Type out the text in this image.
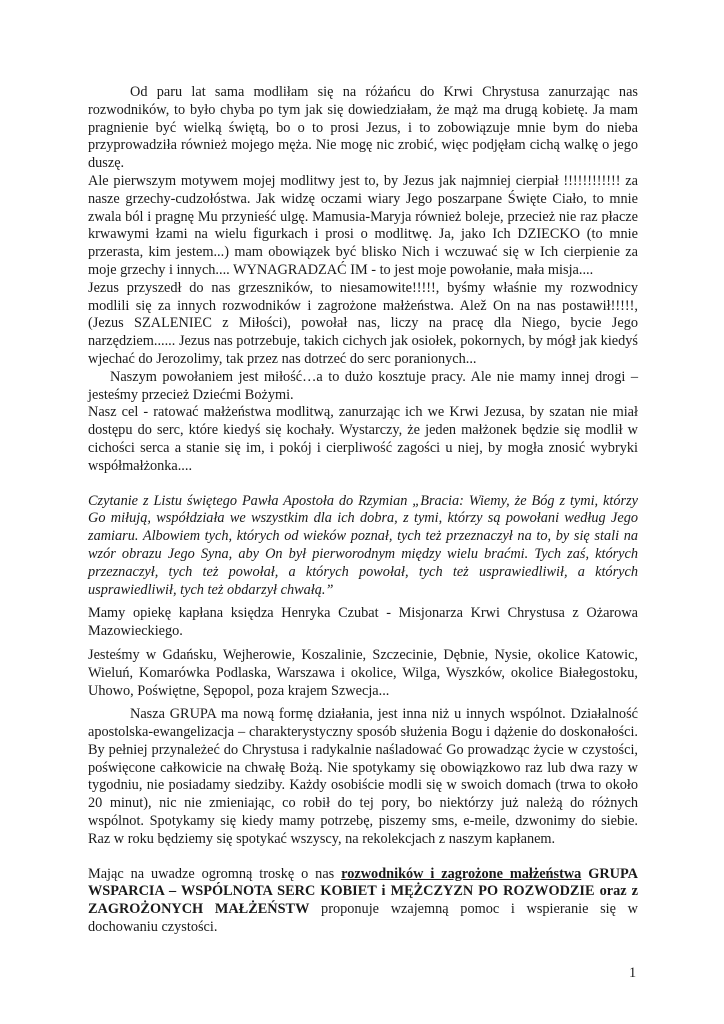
Od paru lat sama modliłam się na różańcu do Krwi Chrystusa zanurzając nas rozwodników, to było chyba po tym jak się dowiedziałam, że mąż ma drugą kobietę. Ja mam pragnienie być wielką świętą, bo o to prosi Jezus, i to zobowiązuje mnie bym do nieba przyprowadziła również mojego męża. Nie mogę nic zrobić, więc podjęłam cichą walkę o jego duszę.

Ale pierwszym motywem mojej modlitwy jest to, by Jezus jak najmniej cierpiał !!!!!!!!!!!! za nasze grzechy-cudzołóstwa. Jak widzę oczami wiary Jego poszarpane Święte Ciało, to mnie zwala ból i pragnę Mu przynieść ulgę. Mamusia-Maryja również boleje, przecież nie raz płacze krwawymi łzami na wielu figurkach i prosi o modlitwę. Ja, jako Ich DZIECKO (to mnie przerasta, kim jestem...) mam obowiązek być blisko Nich i wczuwać się w Ich cierpienie za moje grzechy i innych.... WYNAGRADZAĆ IM - to jest moje powołanie, mała misja....

Jezus przyszedł do nas grzeszników, to niesamowite!!!!!, byśmy właśnie my rozwodnicy modlili się za innych rozwodników i zagrożone małżeństwa. Alež On na nas postawił!!!!!, (Jezus SZALENIEC z Miłości), powołał nas, liczy na pracę dla Niego, bycie Jego narzędziem...... Jezus nas potrzebuje, takich cichych jak osiołek, pokornych, by mógł jak kiedyś wjechać do Jerozolimy, tak przez nas dotrzeć do serc poranionych...

Naszym powołaniem jest miłość…a to dużo kosztuje pracy. Ale nie mamy innej drogi – jesteśmy przecież Dziećmi Bożymi.

Nasz cel - ratować małżeństwa modlitwą, zanurzając ich we Krwi Jezusa, by szatan nie miał dostępu do serc, które kiedyś się kochały. Wystarczy, że jeden małżonek będzie się modlił w cichości serca a stanie się im, i pokój i cierpliwość zagości u niej, by mogła znosić wybryki współmałżonka....

Czytanie z Listu świętego Pawła Apostoła do Rzymian „Bracia: Wiemy, że Bóg z tymi, którzy Go miłują, współdziała we wszystkim dla ich dobra, z tymi, którzy są powołani według Jego zamiaru. Albowiem tych, których od wieków poznał, tych też przeznaczył na to, by się stali na wzór obrazu Jego Syna, aby On był pierworodnym między wielu braćmi. Tych zaś, których przeznaczył, tych też powołał, a których powołał, tych też usprawiedliwił, a których usprawiedliwił, tych też obdarzył chwałą.”

Mamy opiekę kapłana księdza Henryka Czubat - Misjonarza Krwi Chrystusa z Ożarowa Mazowieckiego.

Jesteśmy w Gdańsku, Wejherowie, Koszalinie, Szczecinie, Dębnie, Nysie, okolice Katowic, Wieluń, Komarówka Podlaska, Warszawa i okolice, Wilga, Wyszków, okolice Białegostoku, Uhowo, Poświętne, Sępopol, poza krajem Szwecja...

Nasza GRUPA ma nową formę działania, jest inna niż u innych wspólnot. Działalność apostolska-ewangelizacja – charakterystyczny sposób służenia Bogu i dążenie do doskonałości. By pełniej przynależeć do Chrystusa i radykalnie naśladować Go prowadząc życie w czystości, poświęcone całkowicie na chwałę Bożą. Nie spotykamy się obowiązkowo raz lub dwa razy w tygodniu, nie posiadamy siedziby. Każdy osobiście modli się w swoich domach (trwa to około 20 minut), nic nie zmieniając, co robił do tej pory, bo niektórzy już należą do różnych wspólnot. Spotykamy się kiedy mamy potrzebę, piszemy sms, e-meile, dzwonimy do siebie. Raz w roku będziemy się spotykać wszyscy, na rekolekcjach z naszym kapłanem.

Mając na uwadze ogromną troskę o nas rozwodników i zagrożone małżeństwa GRUPA WSPARCIA – WSPÓLNOTA SERC KOBIET i MĘŻCZYZN PO ROZWODZIE oraz z ZAGROŻONYCH MAŁŻEŃSTW proponuje wzajemną pomoc i wspieranie się w dochowaniu czystości.

1
